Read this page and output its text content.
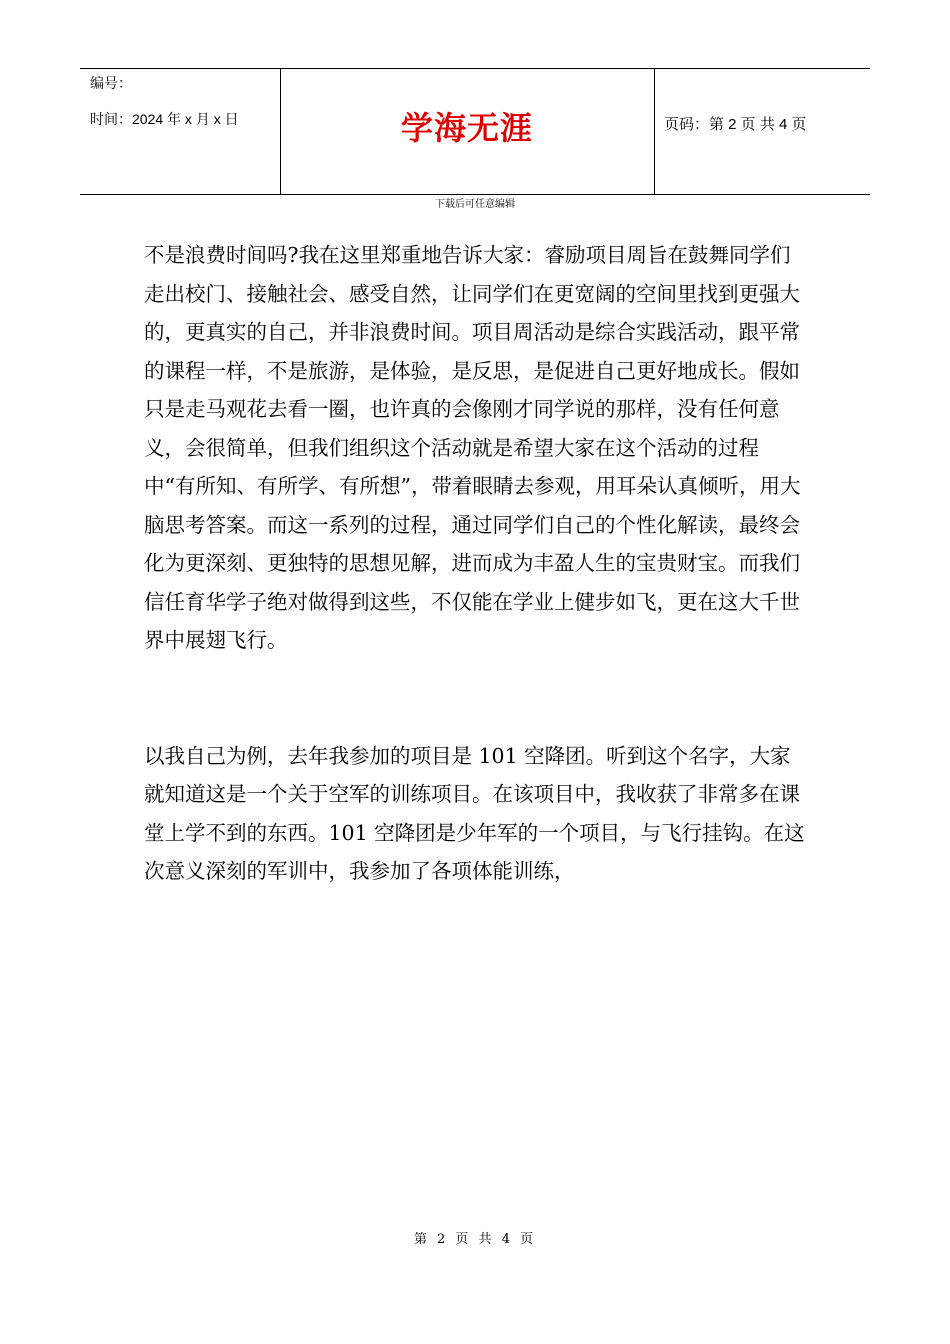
编号：
时间：2024 年 x 月 x 日	学海无涯	页码：第 2 页 共 4 页
下载后可任意编辑

不是浪费时间吗?我在这里郑重地告诉大家：睿励项目周旨在鼓舞同学们走出校门、接触社会、感受自然，让同学们在更宽阔的空间里找到更强大的，更真实的自己，并非浪费时间。项目周活动是综合实践活动，跟平常的课程一样，不是旅游，是体验，是反思，是促进自己更好地成长。假如只是走马观花去看一圈，也许真的会像刚才同学说的那样，没有任何意义，会很简单，但我们组织这个活动就是希望大家在这个活动的过程中“有所知、有所学、有所想”，带着眼睛去参观，用耳朵认真倾听，用大脑思考答案。而这一系列的过程，通过同学们自己的个性化解读，最终会化为更深刻、更独特的思想见解，进而成为丰盈人生的宝贵财宝。而我们信任育华学子绝对做得到这些，不仅能在学业上健步如飞，更在这大千世界中展翅飞行。

以我自己为例，去年我参加的项目是 101 空降团。听到这个名字，大家就知道这是一个关于空军的训练项目。在该项目中，我收获了非常多在课堂上学不到的东西。101 空降团是少年军的一个项目，与飞行挂钩。在这次意义深刻的军训中，我参加了各项体能训练，

第 2 页 共 4 页
